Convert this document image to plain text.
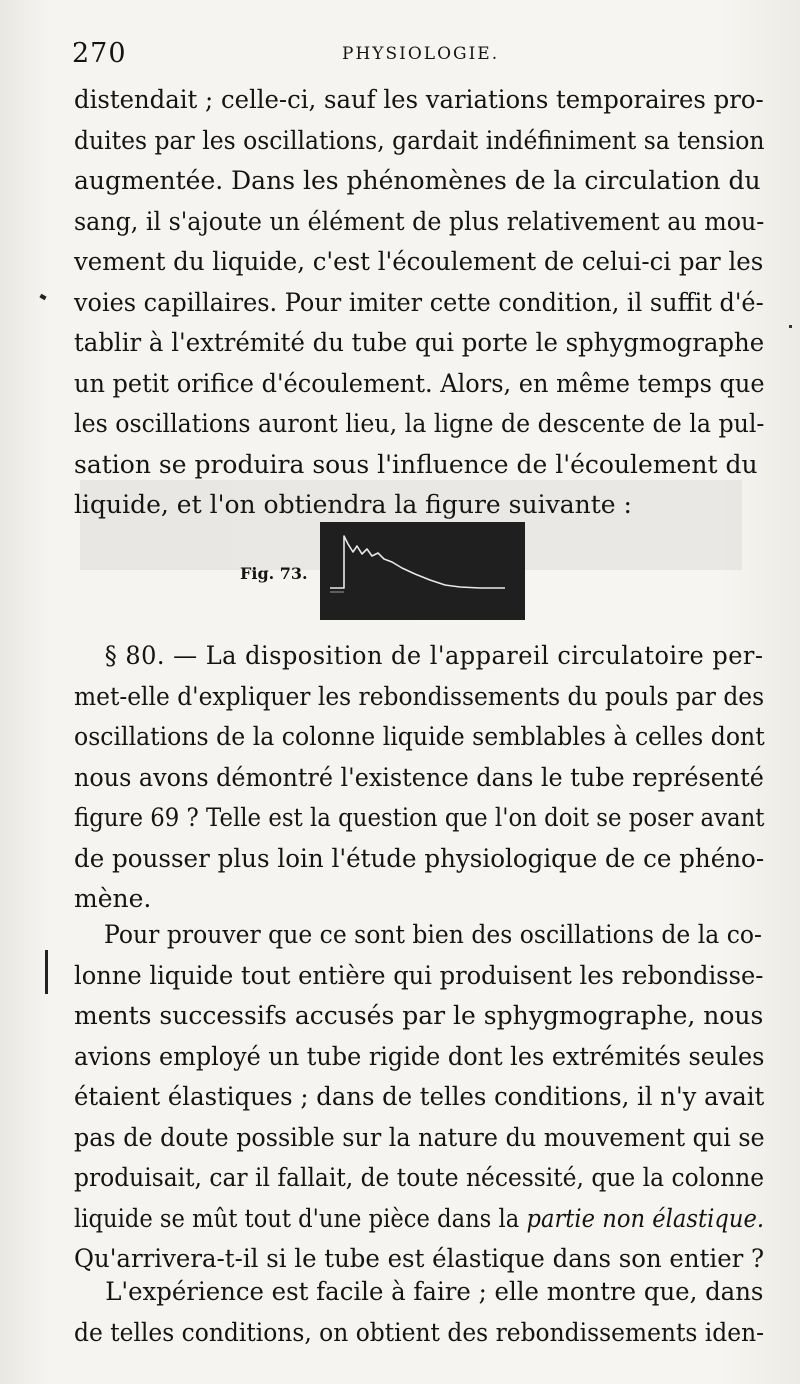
270	PHYSIOLOGIE.

distendait ; celle-ci, sauf les variations temporaires pro-
duites par les oscillations, gardait indéfiniment sa tension
augmentée. Dans les phénomènes de la circulation du
sang, il s'ajoute un élément de plus relativement au mou-
vement du liquide, c'est l'écoulement de celui-ci par les
voies capillaires. Pour imiter cette condition, il suffit d'é-
tablir à l'extrémité du tube qui porte le sphygmographe
un petit orifice d'écoulement. Alors, en même temps que
les oscillations auront lieu, la ligne de descente de la pul-
sation se produira sous l'influence de l'écoulement du
liquide, et l'on obtiendra la figure suivante :

Fig. 73.

§ 80. — La disposition de l'appareil circulatoire per-
met-elle d'expliquer les rebondissements du pouls par des
oscillations de la colonne liquide semblables à celles dont
nous avons démontré l'existence dans le tube représenté
figure 69 ? Telle est la question que l'on doit se poser avant
de pousser plus loin l'étude physiologique de ce phéno-
mène.

Pour prouver que ce sont bien des oscillations de la co-
lonne liquide tout entière qui produisent les rebondisse-
ments successifs accusés par le sphygmographe, nous
avions employé un tube rigide dont les extrémités seules
étaient élastiques ; dans de telles conditions, il n'y avait
pas de doute possible sur la nature du mouvement qui se
produisait, car il fallait, de toute nécessité, que la colonne
liquide se mût tout d'une pièce dans la partie non élastique.
Qu'arrivera-t-il si le tube est élastique dans son entier ?

L'expérience est facile à faire ; elle montre que, dans
de telles conditions, on obtient des rebondissements iden-
